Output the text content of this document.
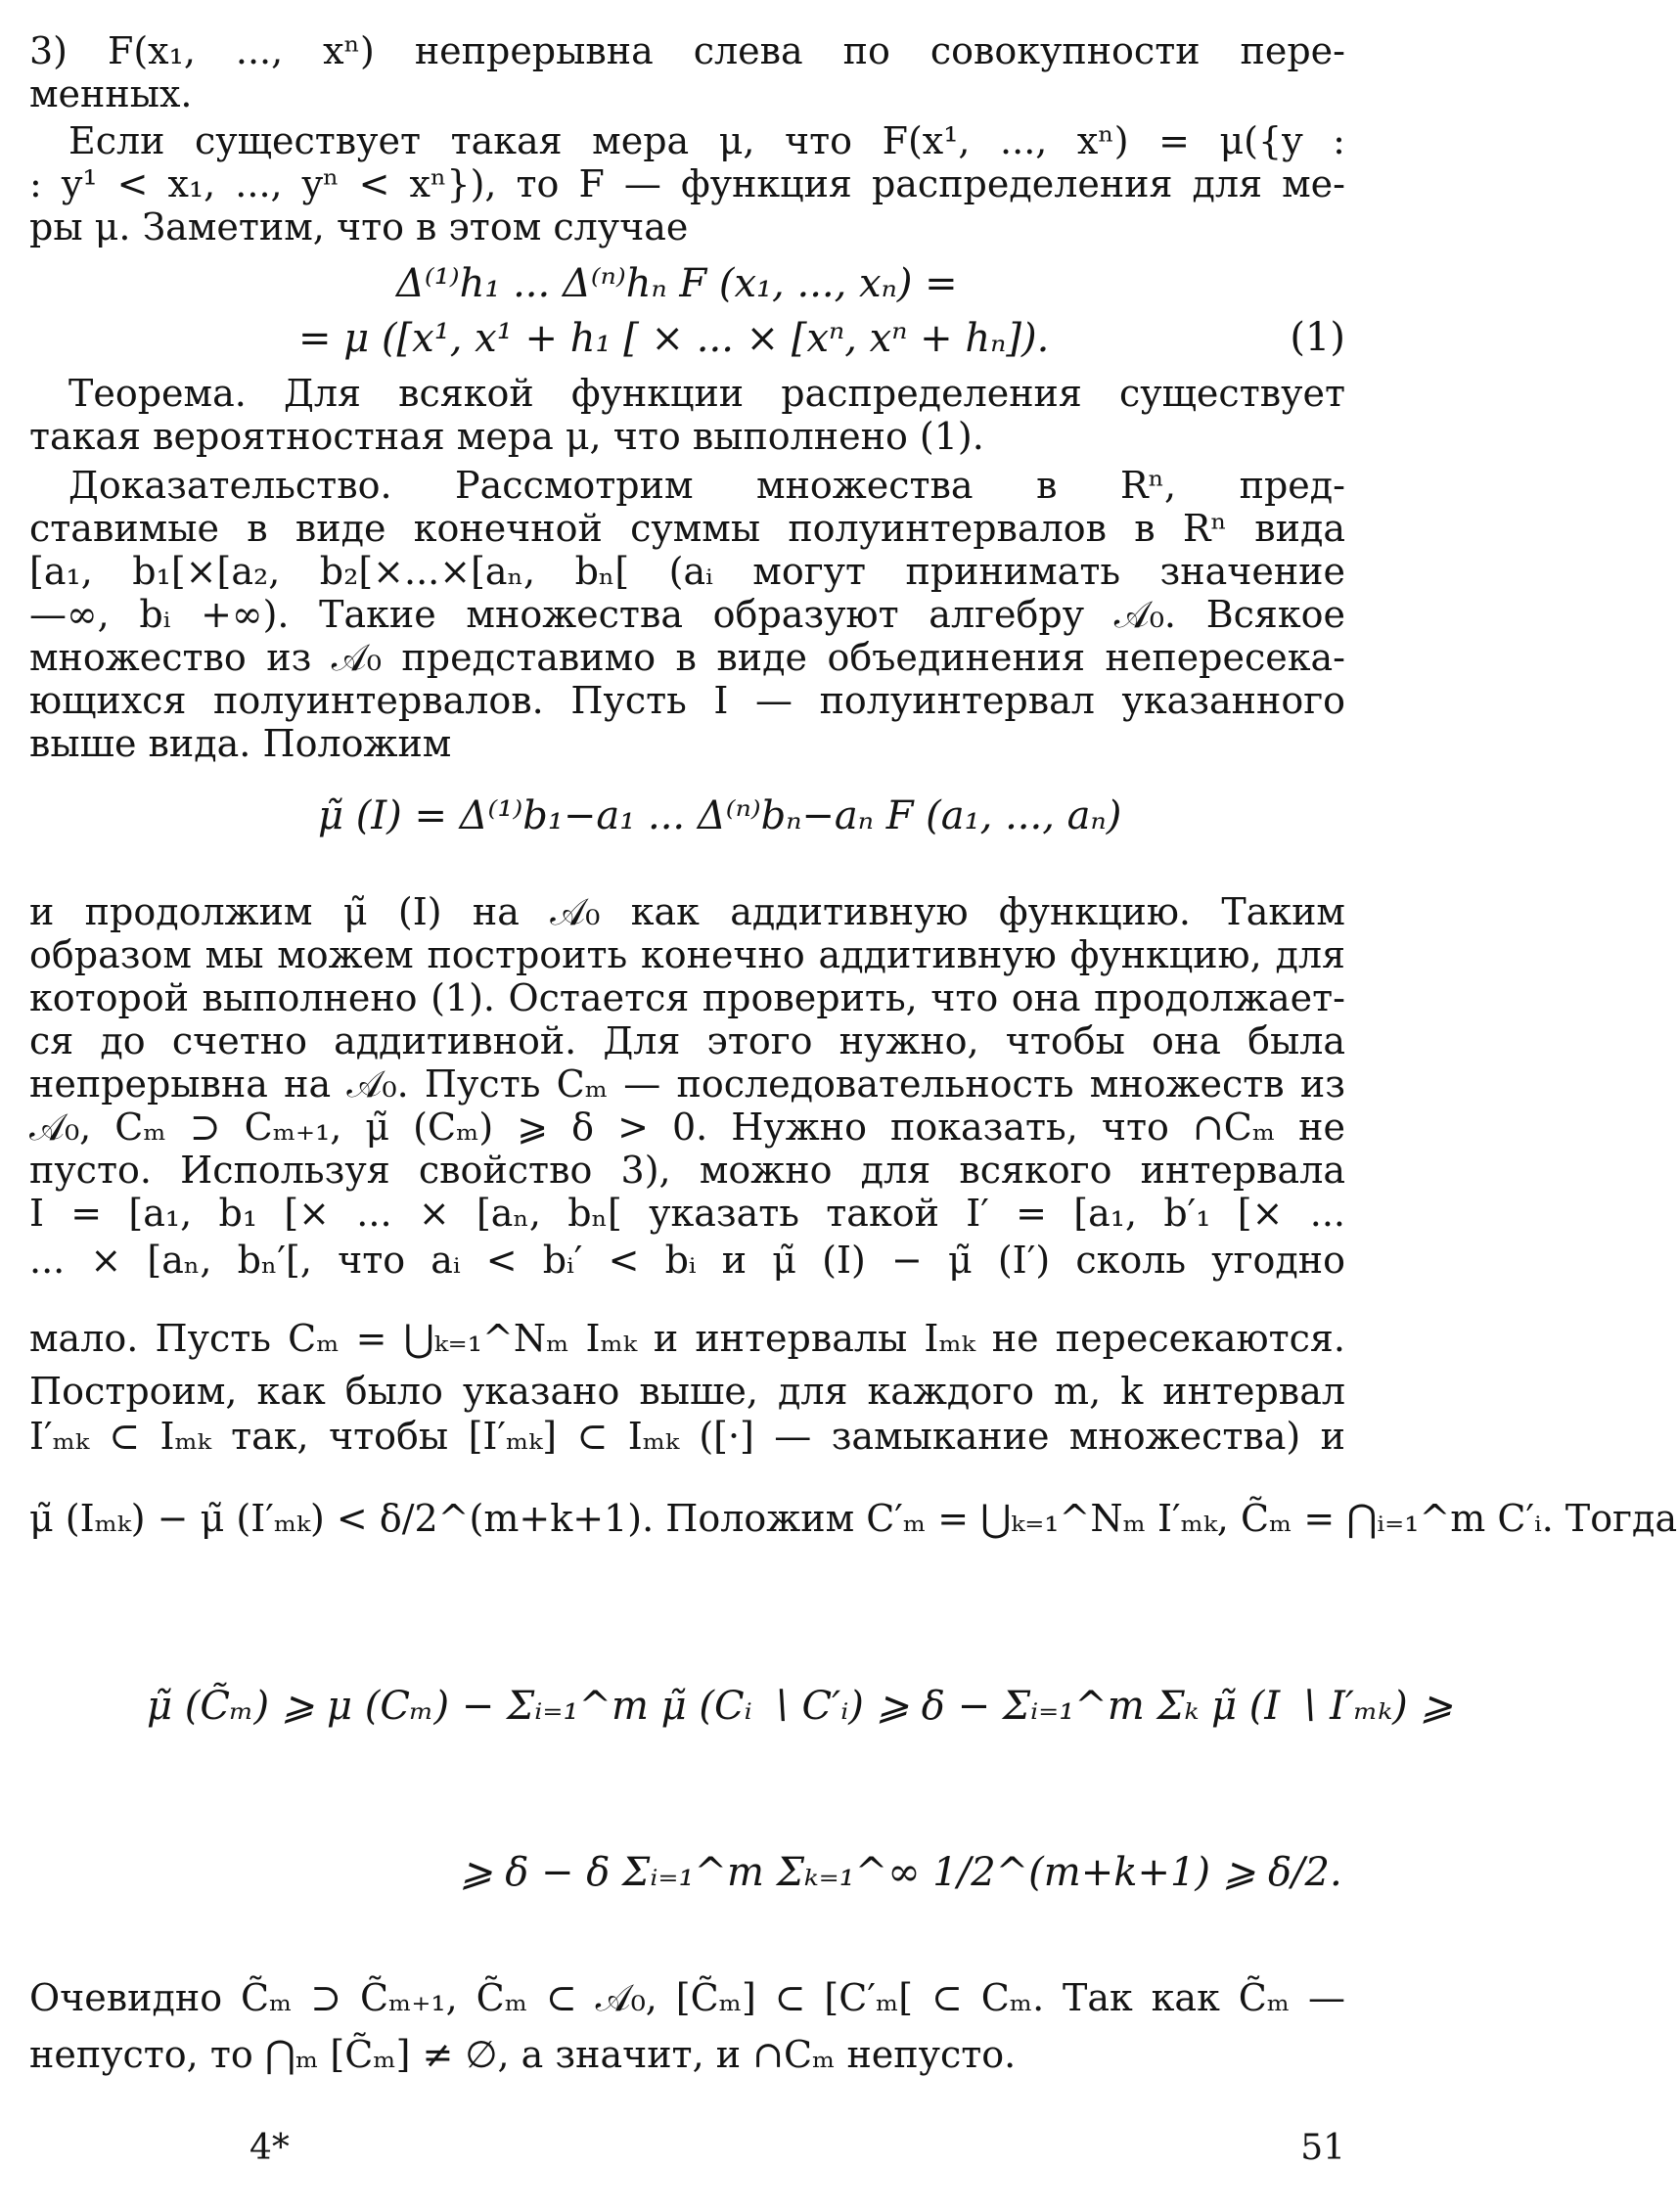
3) F(x₁, ..., xⁿ) непрерывна слева по совокупности пере-
менных.
Если существует такая мера μ, что F(x¹, ..., xⁿ) = μ({y :
: y¹ < x₁, ..., yⁿ < xⁿ}), то F — функция распределения для ме-
ры μ. Заметим, что в этом случае
Δ⁽¹⁾h₁ ... Δ⁽ⁿ⁾hₙ F (x₁, ..., xₙ) =
= μ ([x¹, x¹ + h₁ [ × ... × [xⁿ, xⁿ + hₙ]).	(1)
Теорема. Для всякой функции распределения существует
такая вероятностная мера μ, что выполнено (1).
Доказательство. Рассмотрим множества в Rⁿ, пред-
ставимые в виде конечной суммы полуинтервалов в Rⁿ вида
[a₁, b₁[×[a₂, b₂[×...×[aₙ, bₙ[ (aᵢ могут принимать значение
—∞, bᵢ +∞). Такие множества образуют алгебру 𝒜₀. Всякое
множество из 𝒜₀ представимо в виде объединения непересека-
ющихся полуинтервалов. Пусть I — полуинтервал указанного
выше вида. Положим
μ̃ (I) = Δ⁽¹⁾b₁−a₁ ... Δ⁽ⁿ⁾bₙ−aₙ F (a₁, ..., aₙ)
и продолжим μ̃ (I) на 𝒜₀ как аддитивную функцию. Таким
образом мы можем построить конечно аддитивную функцию, для
которой выполнено (1). Остается проверить, что она продолжает-
ся до счетно аддитивной. Для этого нужно, чтобы она была
непрерывна на 𝒜₀. Пусть Cₘ — последовательность множеств из
𝒜₀, Cₘ ⊃ Cₘ₊₁, μ̃ (Cₘ) ⩾ δ > 0. Нужно показать, что ∩Cₘ не
пусто. Используя свойство 3), можно для всякого интервала
I = [a₁, b₁ [× ... × [aₙ, bₙ[ указать такой I′ = [a₁, b′₁ [× ...
... × [aₙ, bₙ′[, что aᵢ < bᵢ′ < bᵢ и μ̃ (I) − μ̃ (I′) сколь угодно
мало. Пусть Cₘ = ⋃ₖ₌₁^Nₘ Iₘₖ и интервалы Iₘₖ не пересекаются.
Построим, как было указано выше, для каждого m, k интервал
I′ₘₖ ⊂ Iₘₖ так, чтобы [I′ₘₖ] ⊂ Iₘₖ ([·] — замыкание множества) и
μ̃ (Iₘₖ) − μ̃ (I′ₘₖ) < δ/2^(m+k+1). Положим C′ₘ = ⋃ₖ₌₁^Nₘ I′ₘₖ, C̃ₘ = ⋂ᵢ₌₁^m C′ᵢ. Тогда
μ̃ (C̃ₘ) ⩾ μ (Cₘ) − Σᵢ₌₁^m μ̃ (Cᵢ ∖ C′ᵢ) ⩾ δ − Σᵢ₌₁^m Σₖ μ̃ (I ∖ I′ₘₖ) ⩾
⩾ δ − δ Σᵢ₌₁^m Σₖ₌₁^∞ 1/2^(m+k+1) ⩾ δ/2.
Очевидно C̃ₘ ⊃ C̃ₘ₊₁, C̃ₘ ⊂ 𝒜₀, [C̃ₘ] ⊂ [C′ₘ[ ⊂ Cₘ. Так как C̃ₘ —
непусто, то ⋂ₘ [C̃ₘ] ≠ ∅, а значит, и ∩Cₘ непусто.
4*	51
